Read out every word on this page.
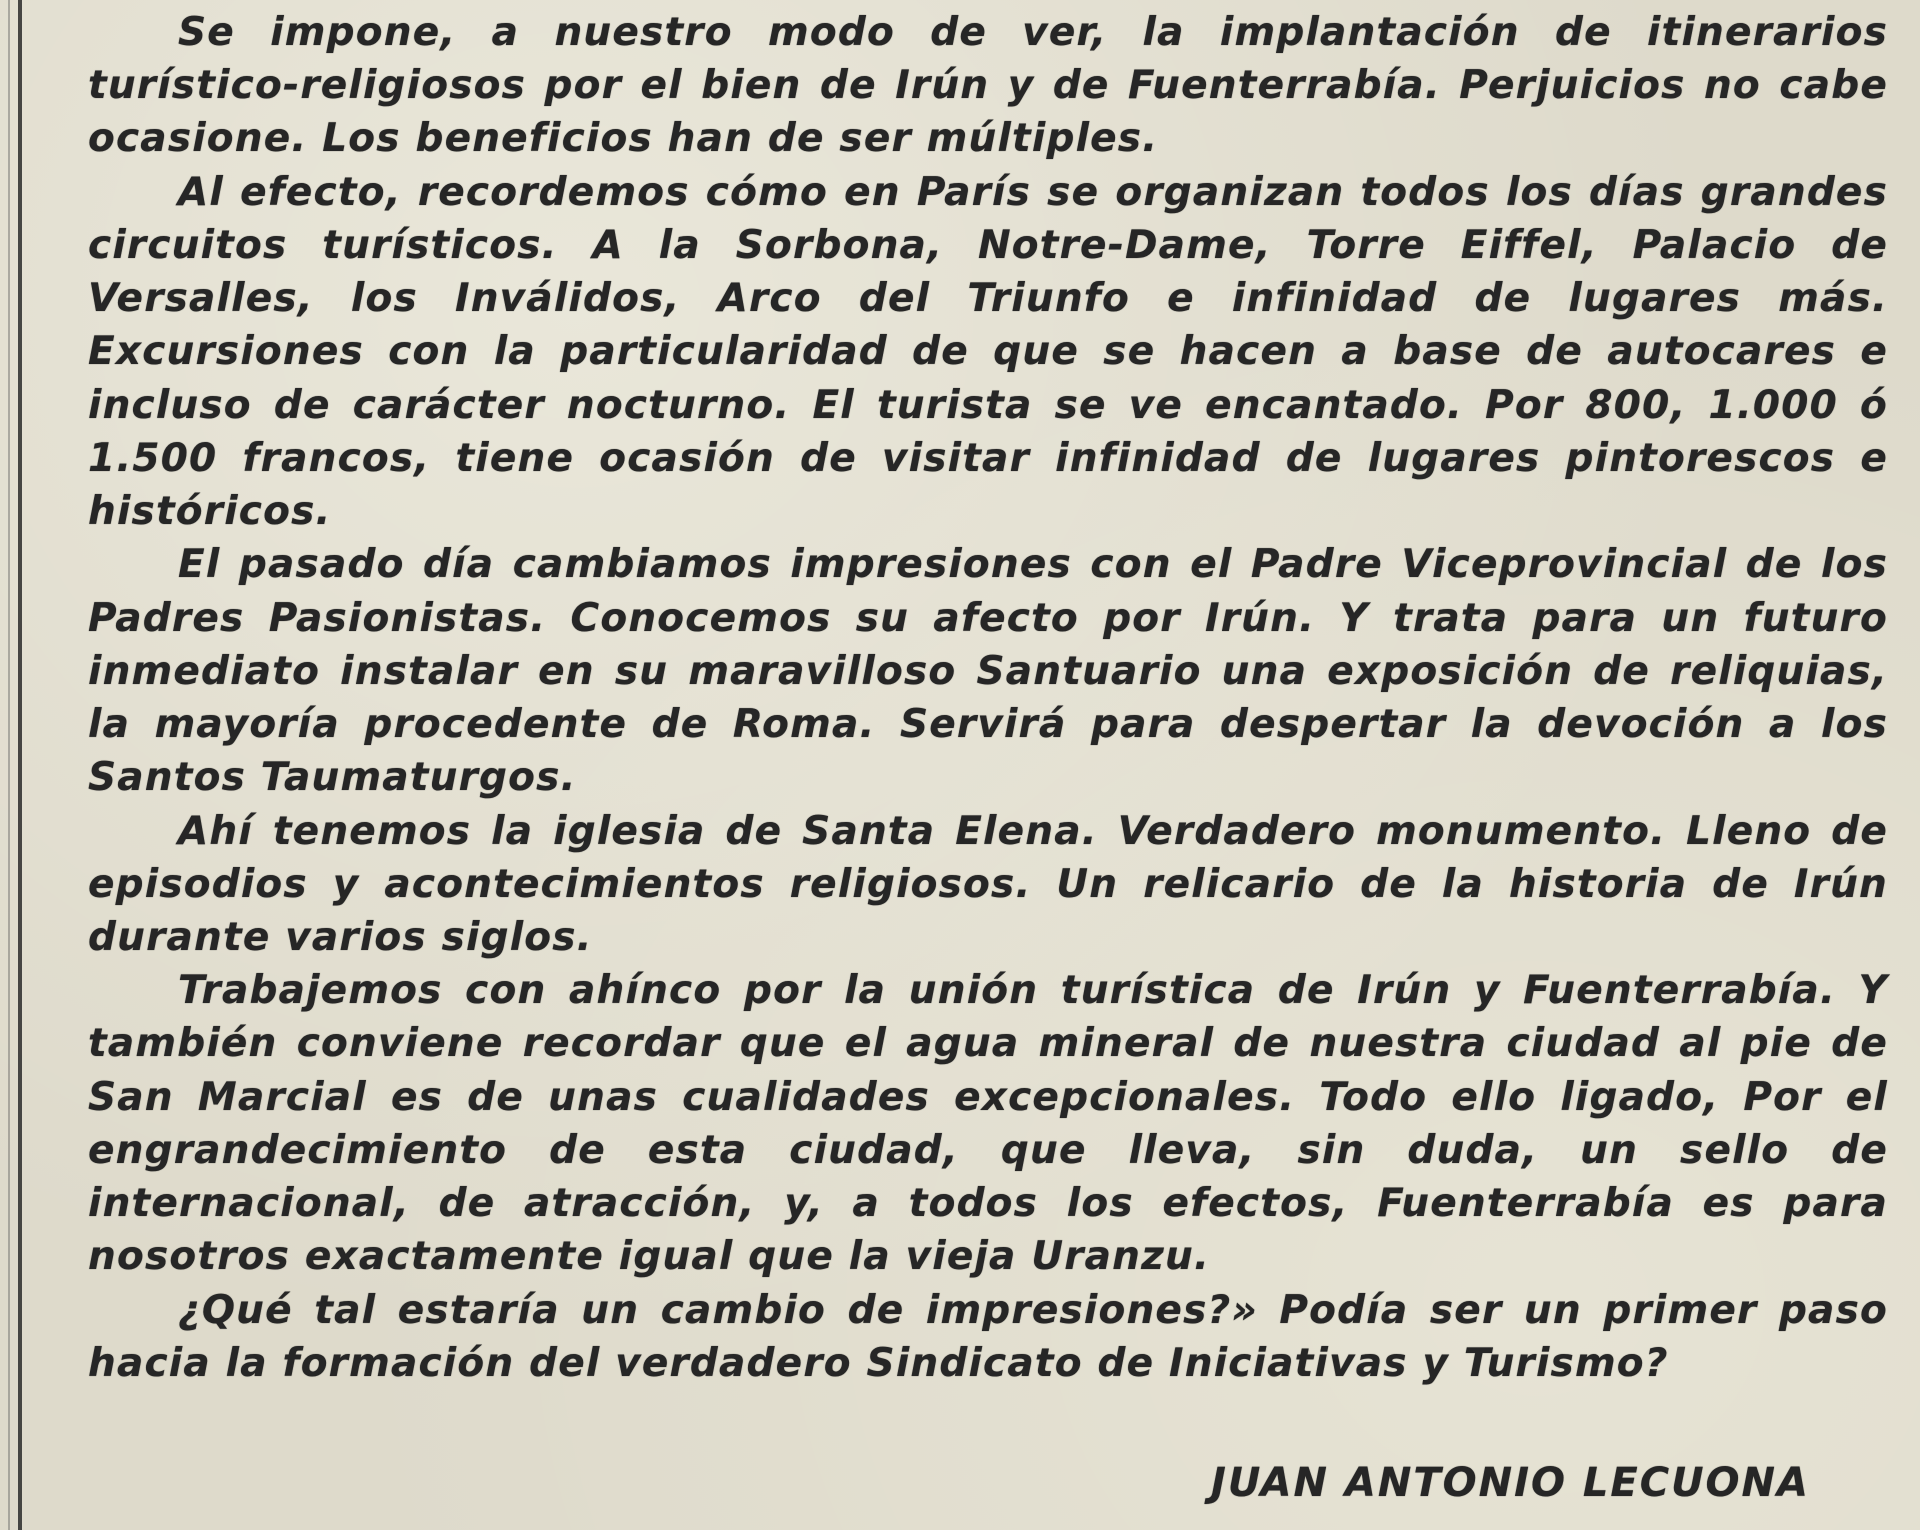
Se impone, a nuestro modo de ver, la implantación de itinerarios turístico-religiosos por el bien de Irún y de Fuenterrabía. Perjuicios no cabe ocasione. Los beneficios han de ser múltiples.

Al efecto, recordemos cómo en París se organizan todos los días grandes circuitos turísticos. A la Sorbona, Notre-Dame, Torre Eiffel, Palacio de Versalles, los Inválidos, Arco del Triunfo e infinidad de lugares más. Excursiones con la particularidad de que se hacen a base de autocares e incluso de carácter nocturno. El turista se ve encantado. Por 800, 1.000 ó 1.500 francos, tiene ocasión de visitar infinidad de lugares pintorescos e históricos.

El pasado día cambiamos impresiones con el Padre Viceprovincial de los Padres Pasionistas. Conocemos su afecto por Irún. Y trata para un futuro inmediato instalar en su maravilloso Santuario una exposición de reliquias, la mayoría procedente de Roma. Servirá para despertar la devoción a los Santos Taumaturgos.

Ahí tenemos la iglesia de Santa Elena. Verdadero monumento. Lleno de episodios y acontecimientos religiosos. Un relicario de la historia de Irún durante varios siglos.

Trabajemos con ahínco por la unión turística de Irún y Fuenterrabía. Y también conviene recordar que el agua mineral de nuestra ciudad al pie de San Marcial es de unas cualidades excepcionales. Todo ello ligado, Por el engrandecimiento de esta ciudad, que lleva, sin duda, un sello de internacional, de atracción, y, a todos los efectos, Fuenterrabía es para nosotros exactamente igual que la vieja Uranzu.

¿Qué tal estaría un cambio de impresiones?» Podía ser un primer paso hacia la formación del verdadero Sindicato de Iniciativas y Turismo?

JUAN ANTONIO LECUONA
